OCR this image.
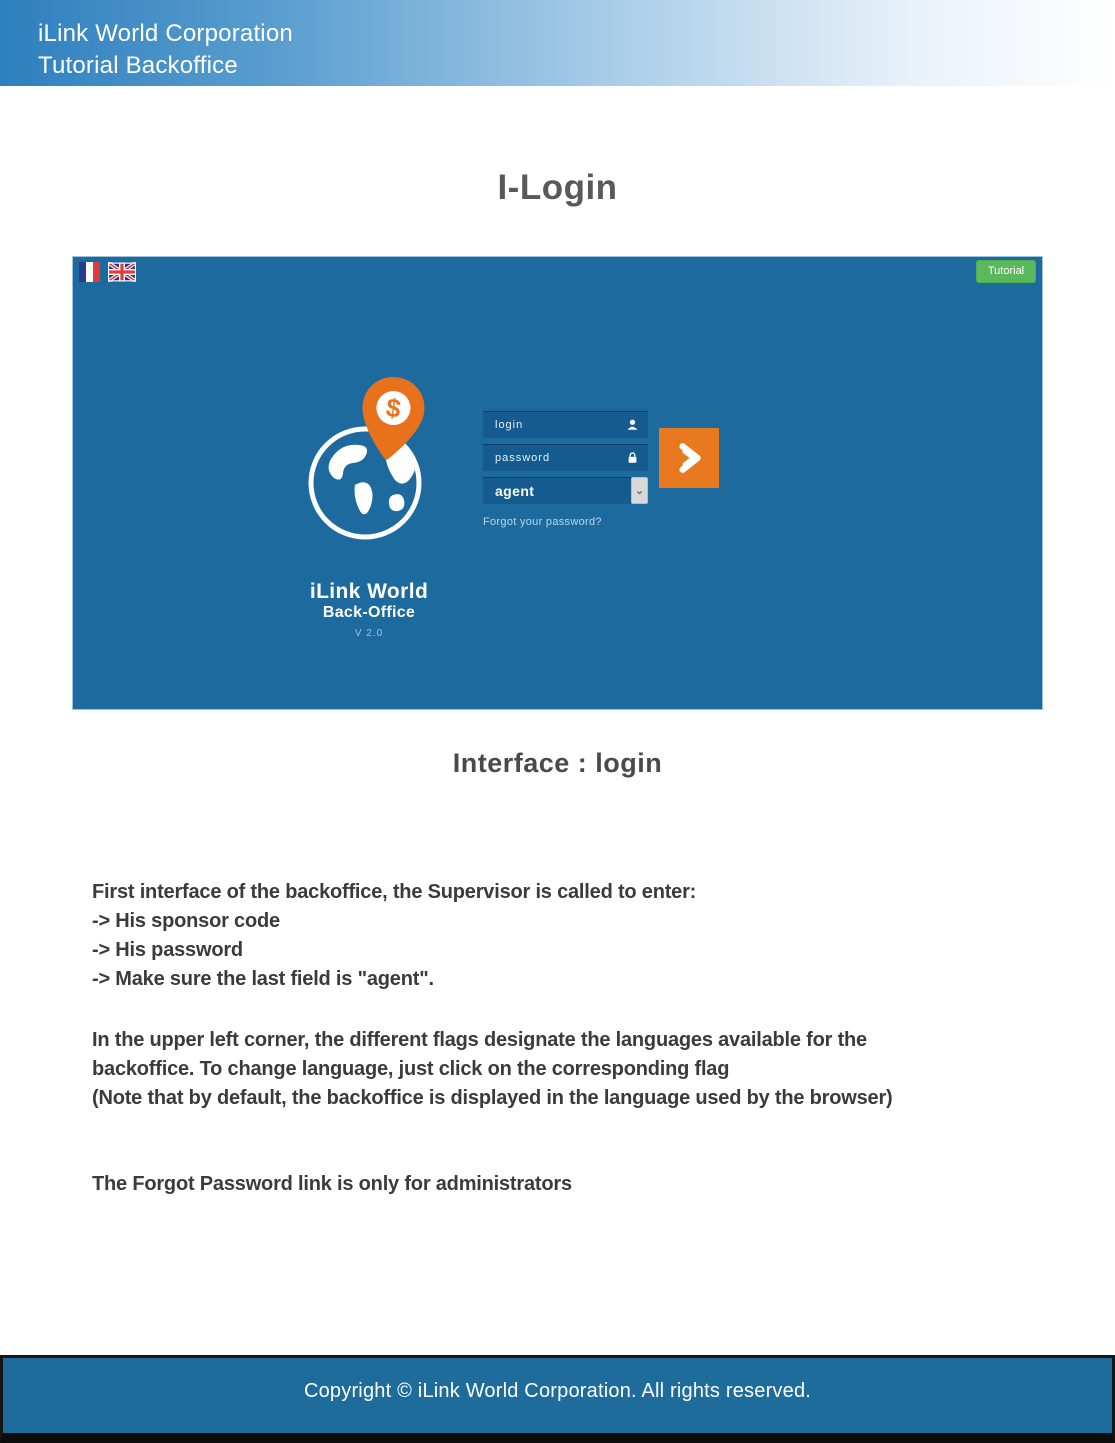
iLink World Corporation
Tutorial Backoffice
I-Login
Tutorial
$
iLink World
Back-Office
V 2.0
login
password
agent	⌄
Forgot your password?
Interface : login
First interface of the backoffice, the Supervisor is called to enter:
-> His sponsor code
-> His password
-> Make sure the last field is "agent".
In the upper left corner, the different flags designate the languages available for the backoffice. To change language, just click on the corresponding flag
(Note that by default, the backoffice is displayed in the language used by the browser)
The Forgot Password link is only for administrators
Copyright © iLink World Corporation. All rights reserved.
